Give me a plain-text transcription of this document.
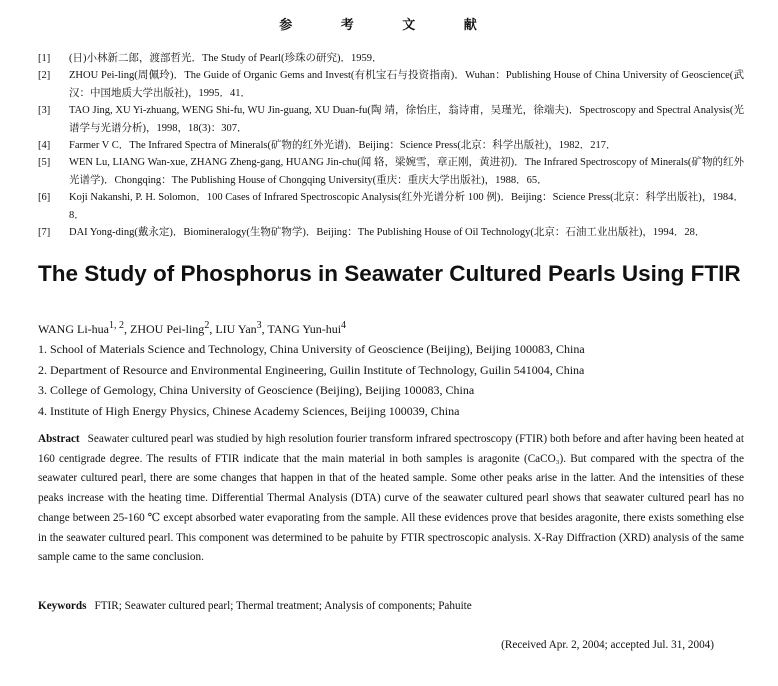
参 考 文 献
[1]	(日)小林新二郎，渡部哲光．The Study of Pearl(珍珠の研究)．1959．
[2]	ZHOU Pei-ling(周佩玲)．The Guide of Organic Gems and Invest(有机宝石与投资指南)．Wuhan：Publishing House of China University of Geoscience(武汉：中国地质大学出版社)，1995．41．
[3]	TAO Jing, XU Yi-zhuang, WENG Shi-fu, WU Jin-guang, XU Duan-fu(陶 靖，徐怡庄，翁诗甫，吴瑾光，徐端夫)．Spectroscopy and Spectral Analysis(光谱学与光谱分析)，1998，18(3)：307．
[4]	Farmer V C．The Infrared Spectra of Minerals(矿物的红外光谱)．Beijing：Science Press(北京：科学出版社)，1982．217．
[5]	WEN Lu, LIANG Wan-xue, ZHANG Zheng-gang, HUANG Jin-chu(闻 辂，梁婉雪，章正刚，黄进初)．The Infrared Spectroscopy of Minerals(矿物的红外光谱学)．Chongqing：The Publishing House of Chongqing University(重庆：重庆大学出版社)，1988．65．
[6]	Koji Nakanshi, P. H. Solomon．100 Cases of Infrared Spectroscopic Analysis(红外光谱分析 100 例)．Beijing：Science Press(北京：科学出版社)，1984．8．
[7]	DAI Yong-ding(戴永定)．Biomineralogy(生物矿物学)．Beijing：The Publishing House of Oil Technology(北京：石油工业出版社)，1994．28．
The Study of Phosphorus in Seawater Cultured Pearls Using FTIR
WANG Li-hua$^{1, 2}$, ZHOU Pei-ling$^2$, LIU Yan$^3$, TANG Yun-hui$^4$
1. School of Materials Science and Technology, China University of Geoscience (Beijing), Beijing 100083, China
2. Department of Resource and Environmental Engineering, Guilin Institute of Technology, Guilin 541004, China
3. College of Gemology, China University of Geoscience (Beijing), Beijing 100083, China
4. Institute of High Energy Physics, Chinese Academy Sciences, Beijing 100039, China
Abstract Seawater cultured pearl was studied by high resolution fourier transform infrared spectroscopy (FTIR) both before and after having been heated at 160 centigrade degree. The results of FTIR indicate that the main material in both samples is aragonite (CaCO₃). But compared with the spectra of the seawater cultured pearl, there are some changes that happen in that of the heated sample. Some other peaks arise in the latter. And the intensities of these peaks increase with the heating time. Differential Thermal Analysis (DTA) curve of the seawater cultured pearl shows that seawater cultured pearl has no change between 25-160 ℃ except absorbed water evaporating from the sample. All these evidences prove that besides aragonite, there exists something else in the seawater cultured pearl. This component was determined to be pahuite by FTIR spectroscopic analysis. X-Ray Diffraction (XRD) analysis of the same sample came to the same conclusion.
Keywords FTIR; Seawater cultured pearl; Thermal treatment; Analysis of components; Pahuite
(Received Apr. 2, 2004; accepted Jul. 31, 2004)
